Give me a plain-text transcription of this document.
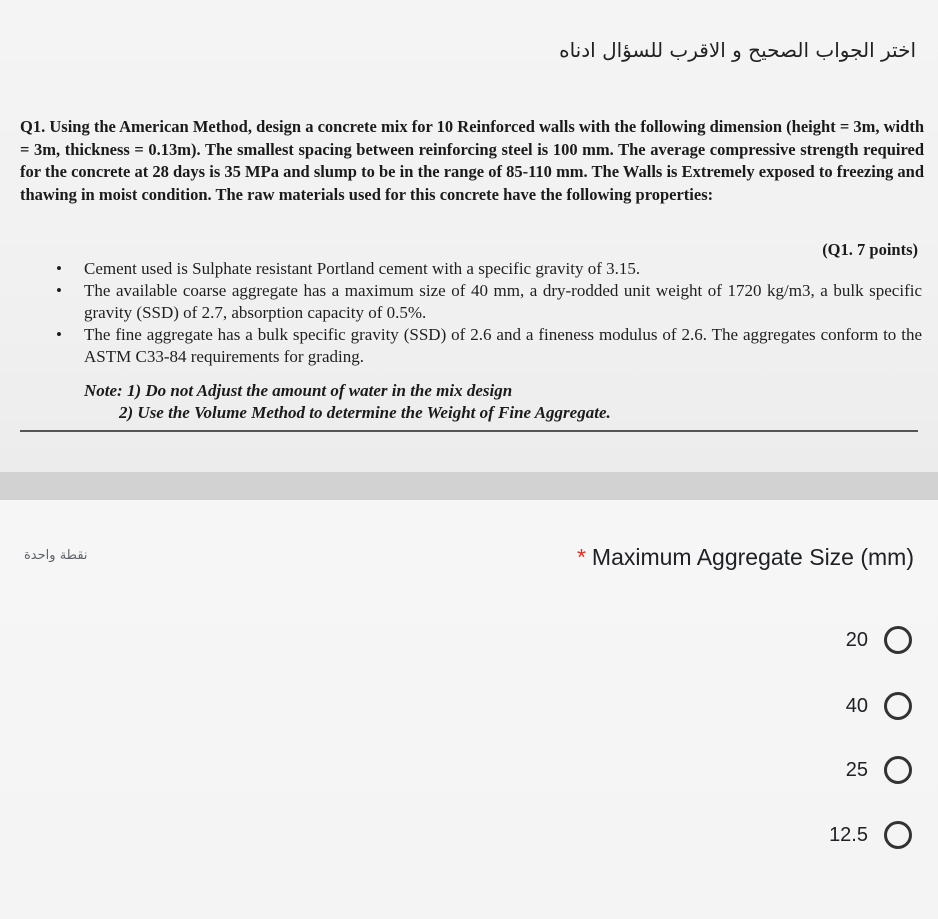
اختر الجواب الصحيح و الاقرب للسؤال ادناه
Q1. Using the American Method, design a concrete mix for 10 Reinforced walls with the following dimension (height = 3m, width = 3m, thickness = 0.13m). The smallest spacing between reinforcing steel is 100 mm. The average compressive strength required for the concrete at 28 days is 35 MPa and slump to be in the range of 85-110 mm. The Walls is Extremely exposed to freezing and thawing in moist condition. The raw materials used for this concrete have the following properties:
(Q1. 7 points)
• Cement used is Sulphate resistant Portland cement with a specific gravity of 3.15.
• The available coarse aggregate has a maximum size of 40 mm, a dry-rodded unit weight of 1720 kg/m3, a bulk specific gravity (SSD) of 2.7, absorption capacity of 0.5%.
• The fine aggregate has a bulk specific gravity (SSD) of 2.6 and a fineness modulus of 2.6. The aggregates conform to the ASTM C33-84 requirements for grading.
Note: 1) Do not Adjust the amount of water in the mix design
2) Use the Volume Method to determine the Weight of Fine Aggregate.
نقطة واحدة	* Maximum Aggregate Size (mm)
20
40
25
12.5
